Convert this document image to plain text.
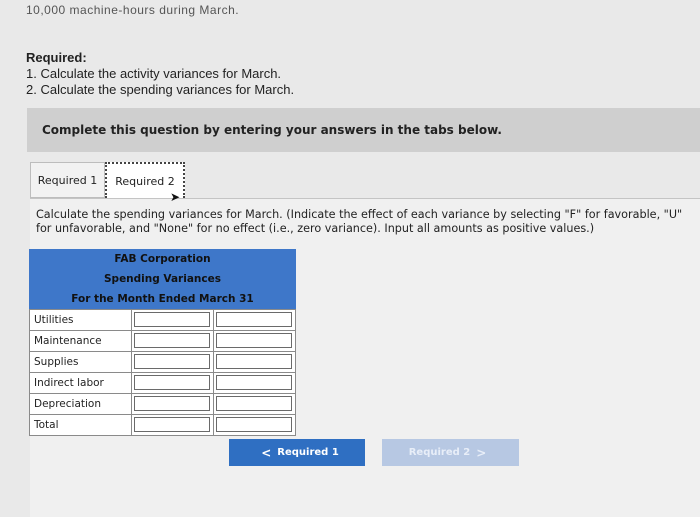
10,000 machine-hours during March.
Required:
1. Calculate the activity variances for March.
2. Calculate the spending variances for March.
Complete this question by entering your answers in the tabs below.
Required 1	Required 2
➤
Calculate the spending variances for March. (Indicate the effect of each variance by selecting "F" for favorable, "U" for unfavorable, and "None" for no effect (i.e., zero variance). Input all amounts as positive values.)
FAB Corporation
Spending Variances
For the Month Ended March 31
Utilities
Maintenance
Supplies
Indirect labor
Depreciation
Total
< Required 1	Required 2 >
